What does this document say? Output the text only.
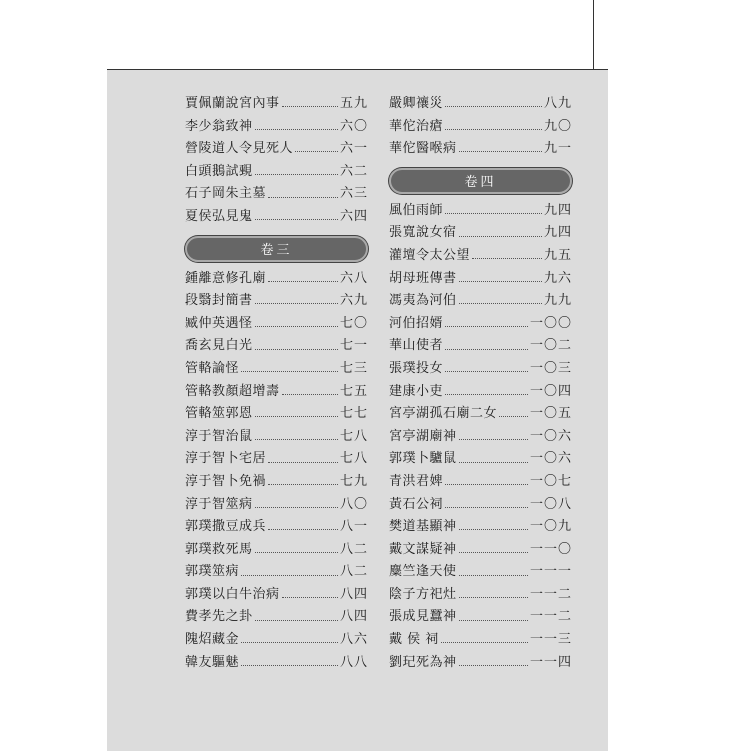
賈佩蘭說宮內事	五九
李少翁致神	六〇
營陵道人令見死人	六一
白頭鵝試覡	六二
石子岡朱主墓	六三
夏侯弘見鬼	六四
卷三
鍾離意修孔廟	六八
段翳封簡書	六九
臧仲英遇怪	七〇
喬玄見白光	七一
管輅論怪	七三
管輅教顏超增壽	七五
管輅筮郭恩	七七
淳于智治鼠	七八
淳于智卜宅居	七八
淳于智卜免禍	七九
淳于智筮病	八〇
郭璞撒豆成兵	八一
郭璞救死馬	八二
郭璞筮病	八二
郭璞以白牛治病	八四
費孝先之卦	八四
隗炤藏金	八六
韓友驅魅	八八
嚴卿禳災	八九
華佗治瘡	九〇
華佗醫喉病	九一
卷四
風伯雨師	九四
張寬說女宿	九四
灌壇令太公望	九五
胡母班傳書	九六
馮夷為河伯	九九
河伯招婿	一〇〇
華山使者	一〇二
張璞投女	一〇三
建康小吏	一〇四
宮亭湖孤石廟二女	一〇五
宮亭湖廟神	一〇六
郭璞卜驢鼠	一〇六
青洪君婢	一〇七
黃石公祠	一〇八
樊道基顯神	一〇九
戴文謀疑神	一一〇
麋竺逢天使	一一一
陰子方祀灶	一一二
張成見蠶神	一一二
戴 侯 祠	一一三
劉玘死為神	一一四
